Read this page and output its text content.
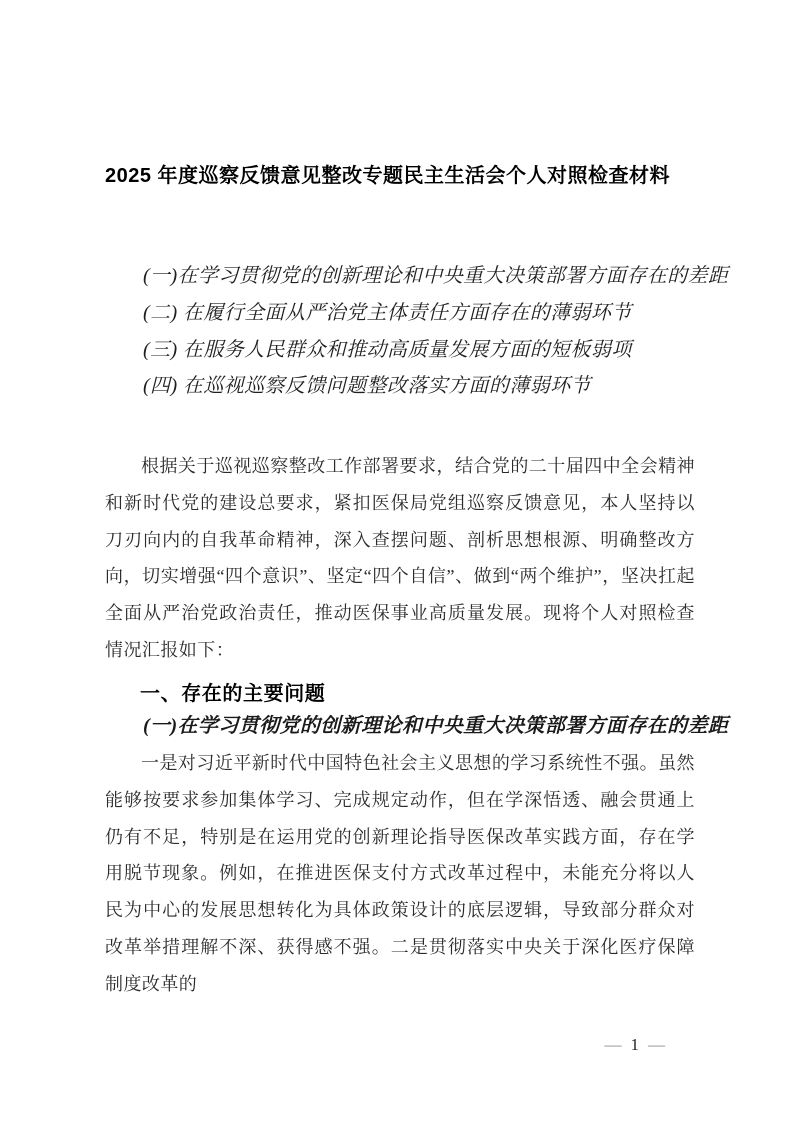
2025 年度巡察反馈意见整改专题民主生活会个人对照检查材料

(一)在学习贯彻党的创新理论和中央重大决策部署方面存在的差距

(二) 在履行全面从严治党主体责任方面存在的薄弱环节

(三) 在服务人民群众和推动高质量发展方面的短板弱项

(四) 在巡视巡察反馈问题整改落实方面的薄弱环节

根据关于巡视巡察整改工作部署要求，结合党的二十届四中全会精神和新时代党的建设总要求，紧扣医保局党组巡察反馈意见，本人坚持以刀刃向内的自我革命精神，深入查摆问题、剖析思想根源、明确整改方向，切实增强“四个意识”、坚定“四个自信”、做到“两个维护”，坚决扛起全面从严治党政治责任，推动医保事业高质量发展。现将个人对照检查情况汇报如下：

一、存在的主要问题
(一)在学习贯彻党的创新理论和中央重大决策部署方面存在的差距

一是对习近平新时代中国特色社会主义思想的学习系统性不强。虽然能够按要求参加集体学习、完成规定动作，但在学深悟透、融会贯通上仍有不足，特别是在运用党的创新理论指导医保改革实践方面，存在学用脱节现象。例如，在推进医保支付方式改革过程中，未能充分将以人民为中心的发展思想转化为具体政策设计的底层逻辑，导致部分群众对改革举措理解不深、获得感不强。二是贯彻落实中央关于深化医疗保障制度改革的

— 1 —
